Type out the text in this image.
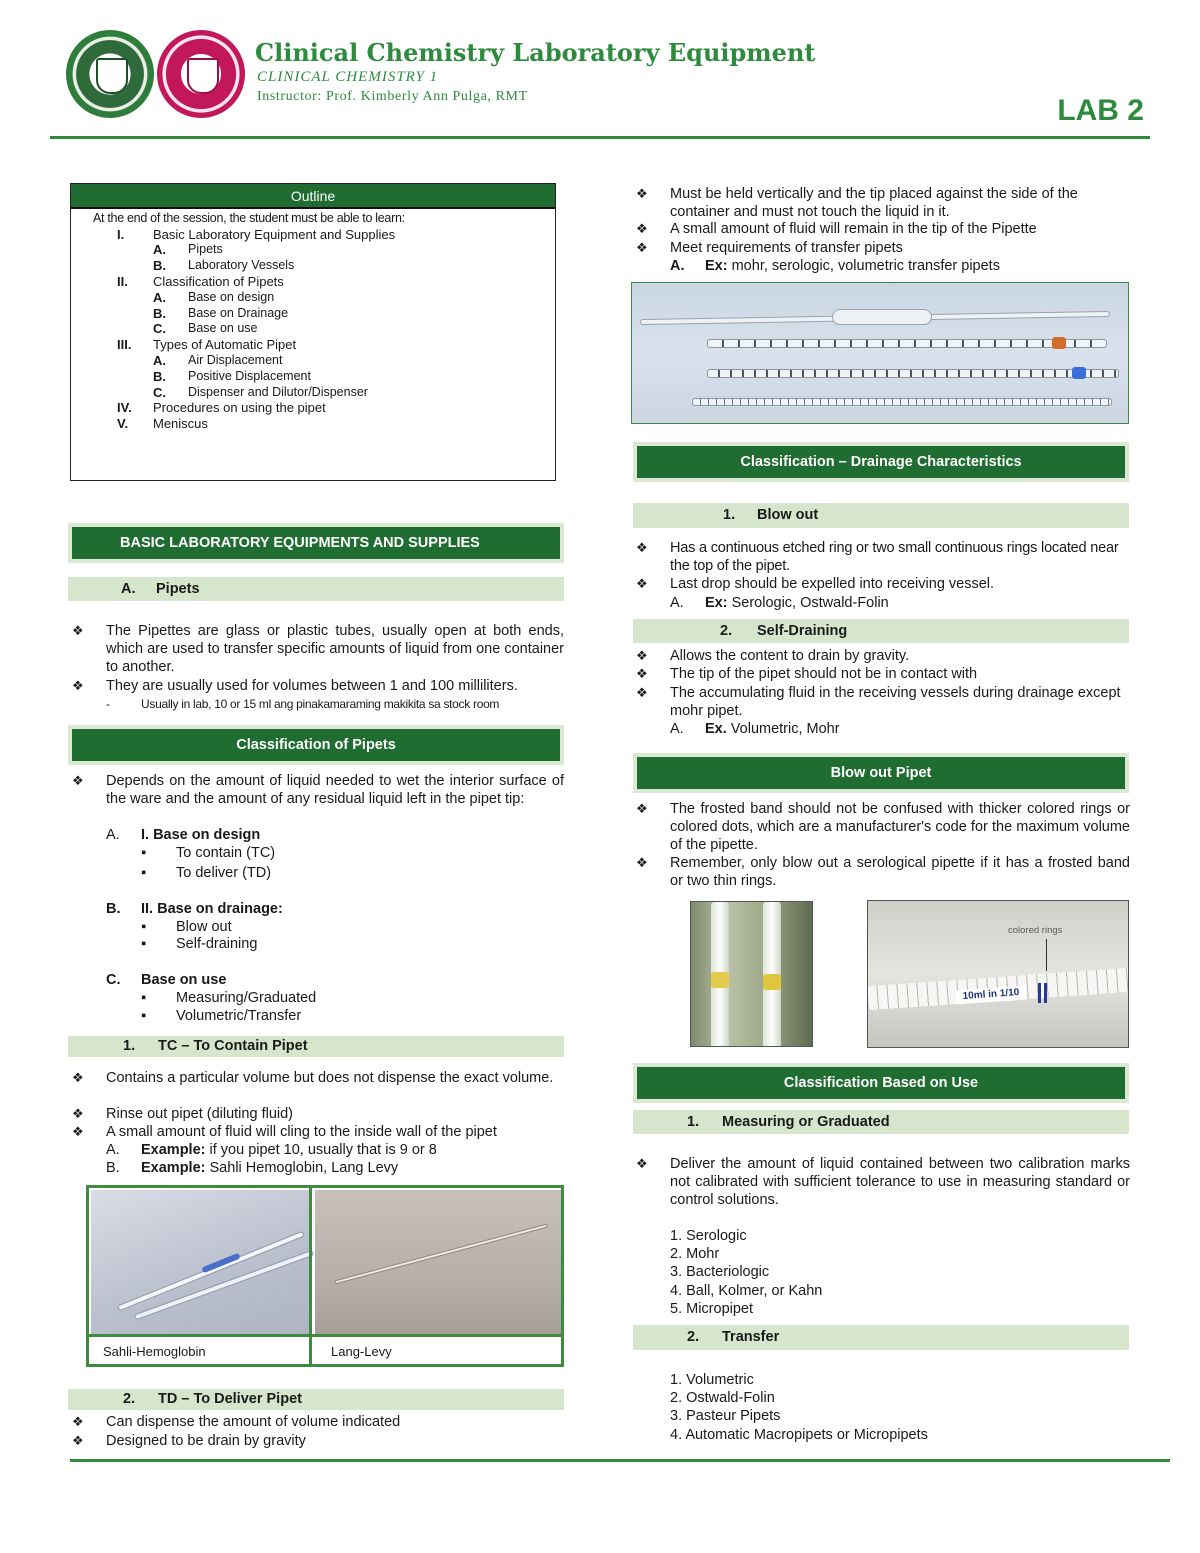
Clinical Chemistry Laboratory Equipment
CLINICAL CHEMISTRY 1
Instructor: Prof. Kimberly Ann Pulga, RMT	LAB 2
Outline
At the end of the session, the student must be able to learn:
I.	Basic Laboratory Equipment and Supplies
A.	Pipets
B.	Laboratory Vessels
II.	Classification of Pipets
A.	Base on design
B.	Base on Drainage
C.	Base on use
III.	Types of Automatic Pipet
A.	Air Displacement
B.	Positive Displacement
C.	Dispenser and Dilutor/Dispenser
IV.	Procedures on using the pipet
V.	Meniscus
BASIC LABORATORY EQUIPMENTS AND SUPPLIES
A. Pipets
❖ The Pipettes are glass or plastic tubes, usually open at both ends, which are used to transfer specific amounts of liquid from one container to another.
❖ They are usually used for volumes between 1 and 100 milliliters.
-	Usually in lab, 10 or 15 ml ang pinakamaraming makikita sa stock room
Classification of Pipets
❖ Depends on the amount of liquid needed to wet the interior surface of the ware and the amount of any residual liquid left in the pipet tip:
A. I. Base on design
▪ To contain (TC)
▪ To deliver (TD)
B. II. Base on drainage:
▪ Blow out
▪ Self-draining
C. Base on use
▪ Measuring/Graduated
▪ Volumetric/Transfer
1. TC – To Contain Pipet
❖ Contains a particular volume but does not dispense the exact volume.
❖ Rinse out pipet (diluting fluid)
❖ A small amount of fluid will cling to the inside wall of the pipet
A. Example: if you pipet 10, usually that is 9 or 8
B. Example: Sahli Hemoglobin, Lang Levy
Sahli-Hemoglobin	Lang-Levy
2. TD – To Deliver Pipet
❖ Can dispense the amount of volume indicated
❖ Designed to be drain by gravity
❖ Must be held vertically and the tip placed against the side of the container and must not touch the liquid in it.
❖ A small amount of fluid will remain in the tip of the Pipette
❖ Meet requirements of transfer pipets
A. Ex: mohr, serologic, volumetric transfer pipets
Classification – Drainage Characteristics
1. Blow out
❖ Has a continuous etched ring or two small continuous rings located near the top of the pipet.
❖ Last drop should be expelled into receiving vessel.
A. Ex: Serologic, Ostwald-Folin
2. Self-Draining
❖ Allows the content to drain by gravity.
❖ The tip of the pipet should not be in contact with
❖ The accumulating fluid in the receiving vessels during drainage except mohr pipet.
A. Ex. Volumetric, Mohr
Blow out Pipet
❖ The frosted band should not be confused with thicker colored rings or colored dots, which are a manufacturer's code for the maximum volume of the pipette.
❖ Remember, only blow out a serological pipette if it has a frosted band or two thin rings.
colored rings
10ml in 1/10
Classification Based on Use
1. Measuring or Graduated
❖ Deliver the amount of liquid contained between two calibration marks not calibrated with sufficient tolerance to use in measuring standard or control solutions.
1. Serologic
2. Mohr
3. Bacteriologic
4. Ball, Kolmer, or Kahn
5. Micropipet
2. Transfer
1. Volumetric
2. Ostwald-Folin
3. Pasteur Pipets
4. Automatic Macropipets or Micropipets
